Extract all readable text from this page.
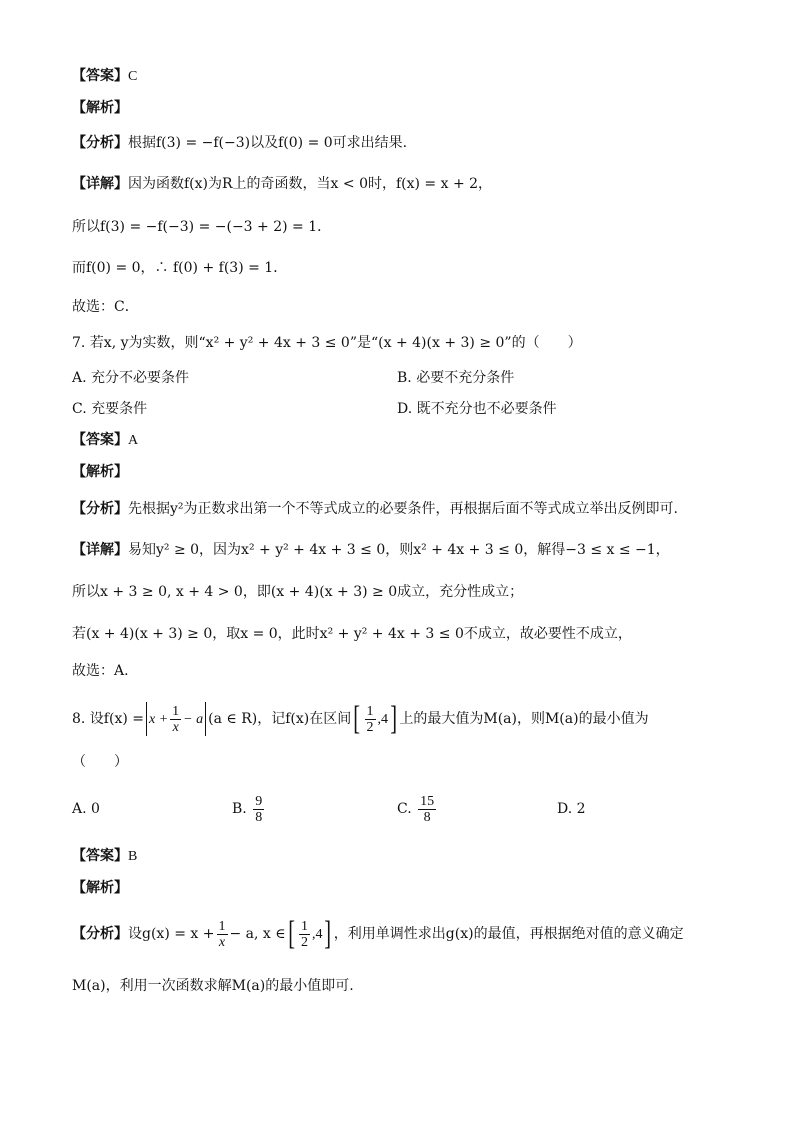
【答案】C
【解析】
【分析】根据f(3) = −f(−3)以及f(0) = 0可求出结果.
【详解】因为函数f(x)为R上的奇函数，当x < 0时，f(x) = x + 2，
所以f(3) = −f(−3) = −(−3 + 2) = 1．
而f(0) = 0，∴ f(0) + f(3) = 1．
故选：C．
7. 若x, y为实数，则“x² + y² + 4x + 3 ≤ 0”是“(x + 4)(x + 3) ≥ 0”的（　　）
A. 充分不必要条件	B. 必要不充分条件
C. 充要条件	D. 既不充分也不必要条件
【答案】A
【解析】
【分析】先根据y²为正数求出第一个不等式成立的必要条件，再根据后面不等式成立举出反例即可.
【详解】易知y² ≥ 0，因为x² + y² + 4x + 3 ≤ 0，则x² + 4x + 3 ≤ 0，解得−3 ≤ x ≤ −1，
所以x + 3 ≥ 0, x + 4 > 0，即(x + 4)(x + 3) ≥ 0成立，充分性成立；
若(x + 4)(x + 3) ≥ 0，取x = 0，此时x² + y² + 4x + 3 ≤ 0不成立，故必要性不成立，
故选：A.
8. 设$f(x) = x + \frac{1}{x} - a$ (a ∈ R)，记f(x)在区间[ $\frac{1}{2} ,4$] 上的最大值为M(a)，则M(a)的最小值为
（　　）
A. 0	B. $\frac{9}{8}$	C. $\frac{15}{8}$	D. 2
【答案】B
【解析】
【分析】设$g(x) = x + \frac{1}{x} - a$, x ∈[ $\frac{1}{2} ,4$] ，利用单调性求出g(x)的最值，再根据绝对值的意义确定
M(a)，利用一次函数求解M(a)的最小值即可.
